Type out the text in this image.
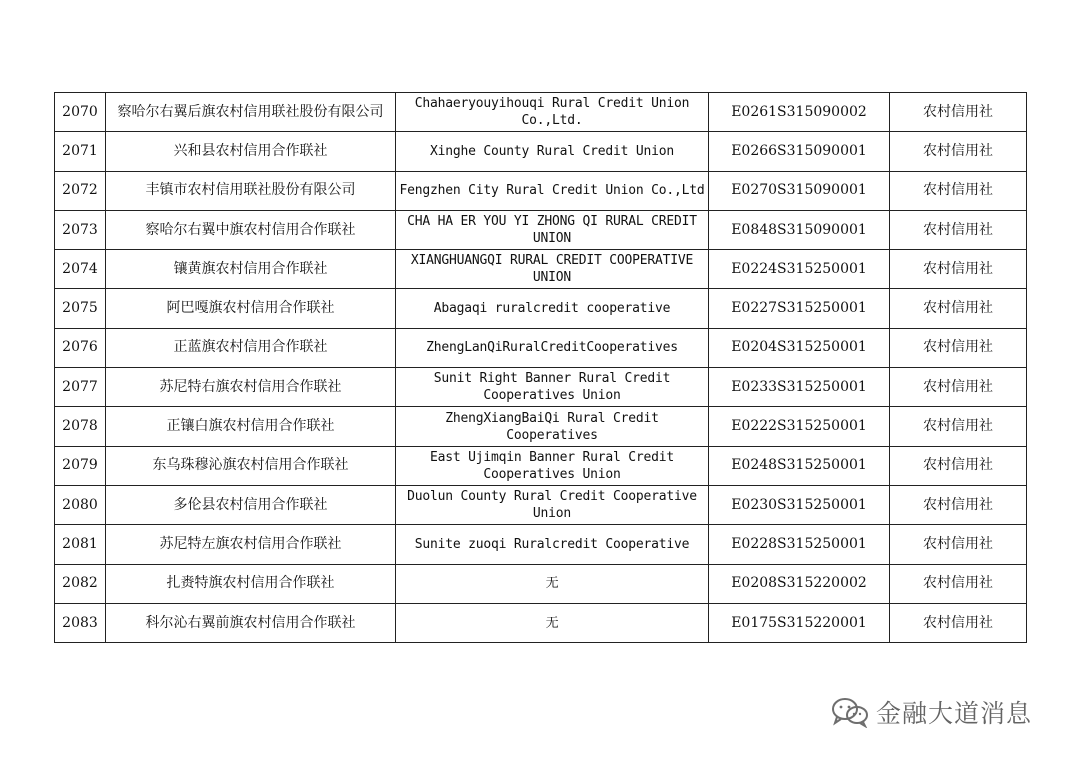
2070	察哈尔右翼后旗农村信用联社股份有限公司	Chahaeryouyihouqi Rural Credit Union Co.,Ltd.	E0261S315090002	农村信用社
2071	兴和县农村信用合作联社	Xinghe County Rural Credit Union	E0266S315090001	农村信用社
2072	丰镇市农村信用联社股份有限公司	Fengzhen City Rural Credit Union Co.,Ltd	E0270S315090001	农村信用社
2073	察哈尔右翼中旗农村信用合作联社	CHA HA ER YOU YI ZHONG QI RURAL CREDIT UNION	E0848S315090001	农村信用社
2074	镶黄旗农村信用合作联社	XIANGHUANGQI RURAL CREDIT COOPERATIVE UNION	E0224S315250001	农村信用社
2075	阿巴嘎旗农村信用合作联社	Abagaqi ruralcredit cooperative	E0227S315250001	农村信用社
2076	正蓝旗农村信用合作联社	ZhengLanQiRuralCreditCooperatives	E0204S315250001	农村信用社
2077	苏尼特右旗农村信用合作联社	Sunit Right Banner Rural Credit Cooperatives Union	E0233S315250001	农村信用社
2078	正镶白旗农村信用合作联社	ZhengXiangBaiQi Rural Credit Cooperatives	E0222S315250001	农村信用社
2079	东乌珠穆沁旗农村信用合作联社	East Ujimqin Banner Rural Credit Cooperatives Union	E0248S315250001	农村信用社
2080	多伦县农村信用合作联社	Duolun County Rural Credit Cooperative Union	E0230S315250001	农村信用社
2081	苏尼特左旗农村信用合作联社	Sunite zuoqi Ruralcredit Cooperative	E0228S315250001	农村信用社
2082	扎赉特旗农村信用合作联社	无	E0208S315220002	农村信用社
2083	科尔沁右翼前旗农村信用合作联社	无	E0175S315220001	农村信用社
金融大道消息
